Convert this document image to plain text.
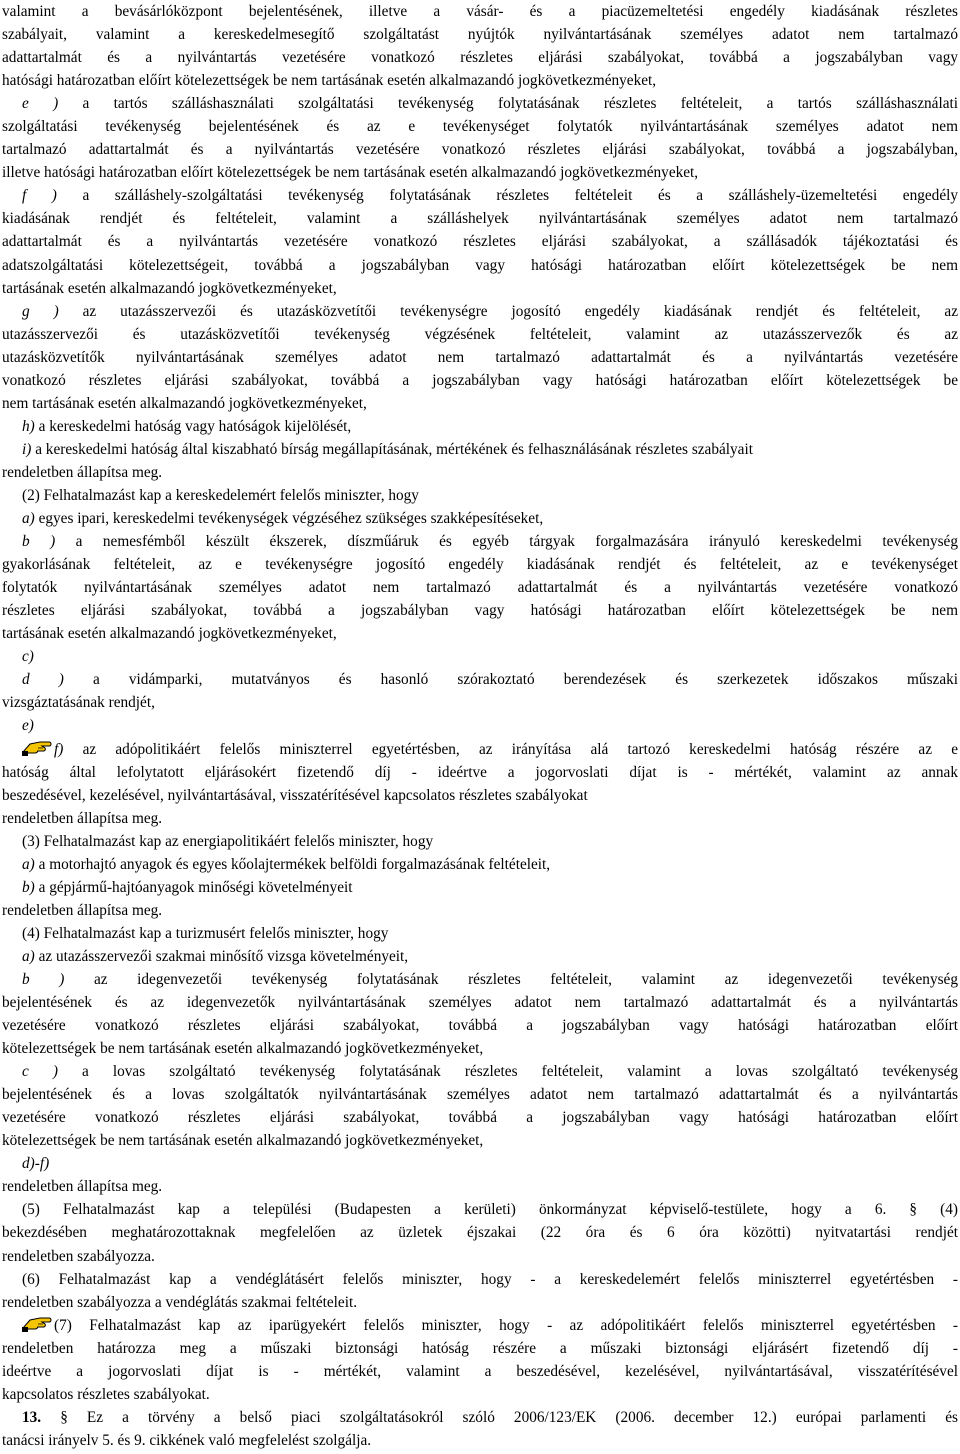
valamint a bevásárlóközpont bejelentésének, illetve a vásár- és a piacüzemeltetési engedély kiadásának részletes
szabályait, valamint a kereskedelmesegítő szolgáltatást nyújtók nyilvántartásának személyes adatot nem tartalmazó
adattartalmát és a nyilvántartás vezetésére vonatkozó részletes eljárási szabályokat, továbbá a jogszabályban vagy
hatósági határozatban előírt kötelezettségek be nem tartásának esetén alkalmazandó jogkövetkezményeket,
e ) a tartós szálláshasználati szolgáltatási tevékenység folytatásának részletes feltételeit, a tartós szálláshasználati
szolgáltatási tevékenység bejelentésének és az e tevékenységet folytatók nyilvántartásának személyes adatot nem
tartalmazó adattartalmát és a nyilvántartás vezetésére vonatkozó részletes eljárási szabályokat, továbbá a jogszabályban,
illetve hatósági határozatban előírt kötelezettségek be nem tartásának esetén alkalmazandó jogkövetkezményeket,
f ) a szálláshely-szolgáltatási tevékenység folytatásának részletes feltételeit és a szálláshely-üzemeltetési engedély
kiadásának rendjét és feltételeit, valamint a szálláshelyek nyilvántartásának személyes adatot nem tartalmazó
adattartalmát és a nyilvántartás vezetésére vonatkozó részletes eljárási szabályokat, a szállásadók tájékoztatási és
adatszolgáltatási kötelezettségeit, továbbá a jogszabályban vagy hatósági határozatban előírt kötelezettségek be nem
tartásának esetén alkalmazandó jogkövetkezményeket,
g ) az utazásszervezői és utazásközvetítői tevékenységre jogosító engedély kiadásának rendjét és feltételeit, az
utazásszervezői és utazásközvetítői tevékenység végzésének feltételeit, valamint az utazásszervezők és az
utazásközvetítők nyilvántartásának személyes adatot nem tartalmazó adattartalmát és a nyilvántartás vezetésére
vonatkozó részletes eljárási szabályokat, továbbá a jogszabályban vagy hatósági határozatban előírt kötelezettségek be
nem tartásának esetén alkalmazandó jogkövetkezményeket,
h) a kereskedelmi hatóság vagy hatóságok kijelölését,
i) a kereskedelmi hatóság által kiszabható bírság megállapításának, mértékének és felhasználásának részletes szabályait
rendeletben állapítsa meg.
(2) Felhatalmazást kap a kereskedelemért felelős miniszter, hogy
a) egyes ipari, kereskedelmi tevékenységek végzéséhez szükséges szakképesítéseket,
b ) a nemesfémből készült ékszerek, díszműáruk és egyéb tárgyak forgalmazására irányuló kereskedelmi tevékenység
gyakorlásának feltételeit, az e tevékenységre jogosító engedély kiadásának rendjét és feltételeit, az e tevékenységet
folytatók nyilvántartásának személyes adatot nem tartalmazó adattartalmát és a nyilvántartás vezetésére vonatkozó
részletes eljárási szabályokat, továbbá a jogszabályban vagy hatósági határozatban előírt kötelezettségek be nem
tartásának esetén alkalmazandó jogkövetkezményeket,
c)
d ) a vidámparki, mutatványos és hasonló szórakoztató berendezések és szerkezetek időszakos műszaki
vizsgáztatásának rendjét,
e)
f) az adópolitikáért felelős miniszterrel egyetértésben, az irányítása alá tartozó kereskedelmi hatóság részére az e
hatóság által lefolytatott eljárásokért fizetendő díj - ideértve a jogorvoslati díjat is - mértékét, valamint az annak
beszedésével, kezelésével, nyilvántartásával, visszatérítésével kapcsolatos részletes szabályokat
rendeletben állapítsa meg.
(3) Felhatalmazást kap az energiapolitikáért felelős miniszter, hogy
a) a motorhajtó anyagok és egyes kőolajtermékek belföldi forgalmazásának feltételeit,
b) a gépjármű-hajtóanyagok minőségi követelményeit
rendeletben állapítsa meg.
(4) Felhatalmazást kap a turizmusért felelős miniszter, hogy
a) az utazásszervezői szakmai minősítő vizsga követelményeit,
b ) az idegenvezetői tevékenység folytatásának részletes feltételeit, valamint az idegenvezetői tevékenység
bejelentésének és az idegenvezetők nyilvántartásának személyes adatot nem tartalmazó adattartalmát és a nyilvántartás
vezetésére vonatkozó részletes eljárási szabályokat, továbbá a jogszabályban vagy hatósági határozatban előírt
kötelezettségek be nem tartásának esetén alkalmazandó jogkövetkezményeket,
c ) a lovas szolgáltató tevékenység folytatásának részletes feltételeit, valamint a lovas szolgáltató tevékenység
bejelentésének és a lovas szolgáltatók nyilvántartásának személyes adatot nem tartalmazó adattartalmát és a nyilvántartás
vezetésére vonatkozó részletes eljárási szabályokat, továbbá a jogszabályban vagy hatósági határozatban előírt
kötelezettségek be nem tartásának esetén alkalmazandó jogkövetkezményeket,
d)-f)
rendeletben állapítsa meg.
(5) Felhatalmazást kap a települési (Budapesten a kerületi) önkormányzat képviselő-testülete, hogy a 6. § (4)
bekezdésében meghatározottaknak megfelelően az üzletek éjszakai (22 óra és 6 óra közötti) nyitvatartási rendjét
rendeletben szabályozza.
(6) Felhatalmazást kap a vendéglátásért felelős miniszter, hogy - a kereskedelemért felelős miniszterrel egyetértésben -
rendeletben szabályozza a vendéglátás szakmai feltételeit.
(7) Felhatalmazást kap az iparügyekért felelős miniszter, hogy - az adópolitikáért felelős miniszterrel egyetértésben -
rendeletben határozza meg a műszaki biztonsági hatóság részére a műszaki biztonsági eljárásért fizetendő díj -
ideértve a jogorvoslati díjat is - mértékét, valamint a beszedésével, kezelésével, nyilvántartásával, visszatérítésével
kapcsolatos részletes szabályokat.
13. § Ez a törvény a belső piaci szolgáltatásokról szóló 2006/123/EK (2006. december 12.) európai parlamenti és
tanácsi irányelv 5. és 9. cikkének való megfelelést szolgálja.
